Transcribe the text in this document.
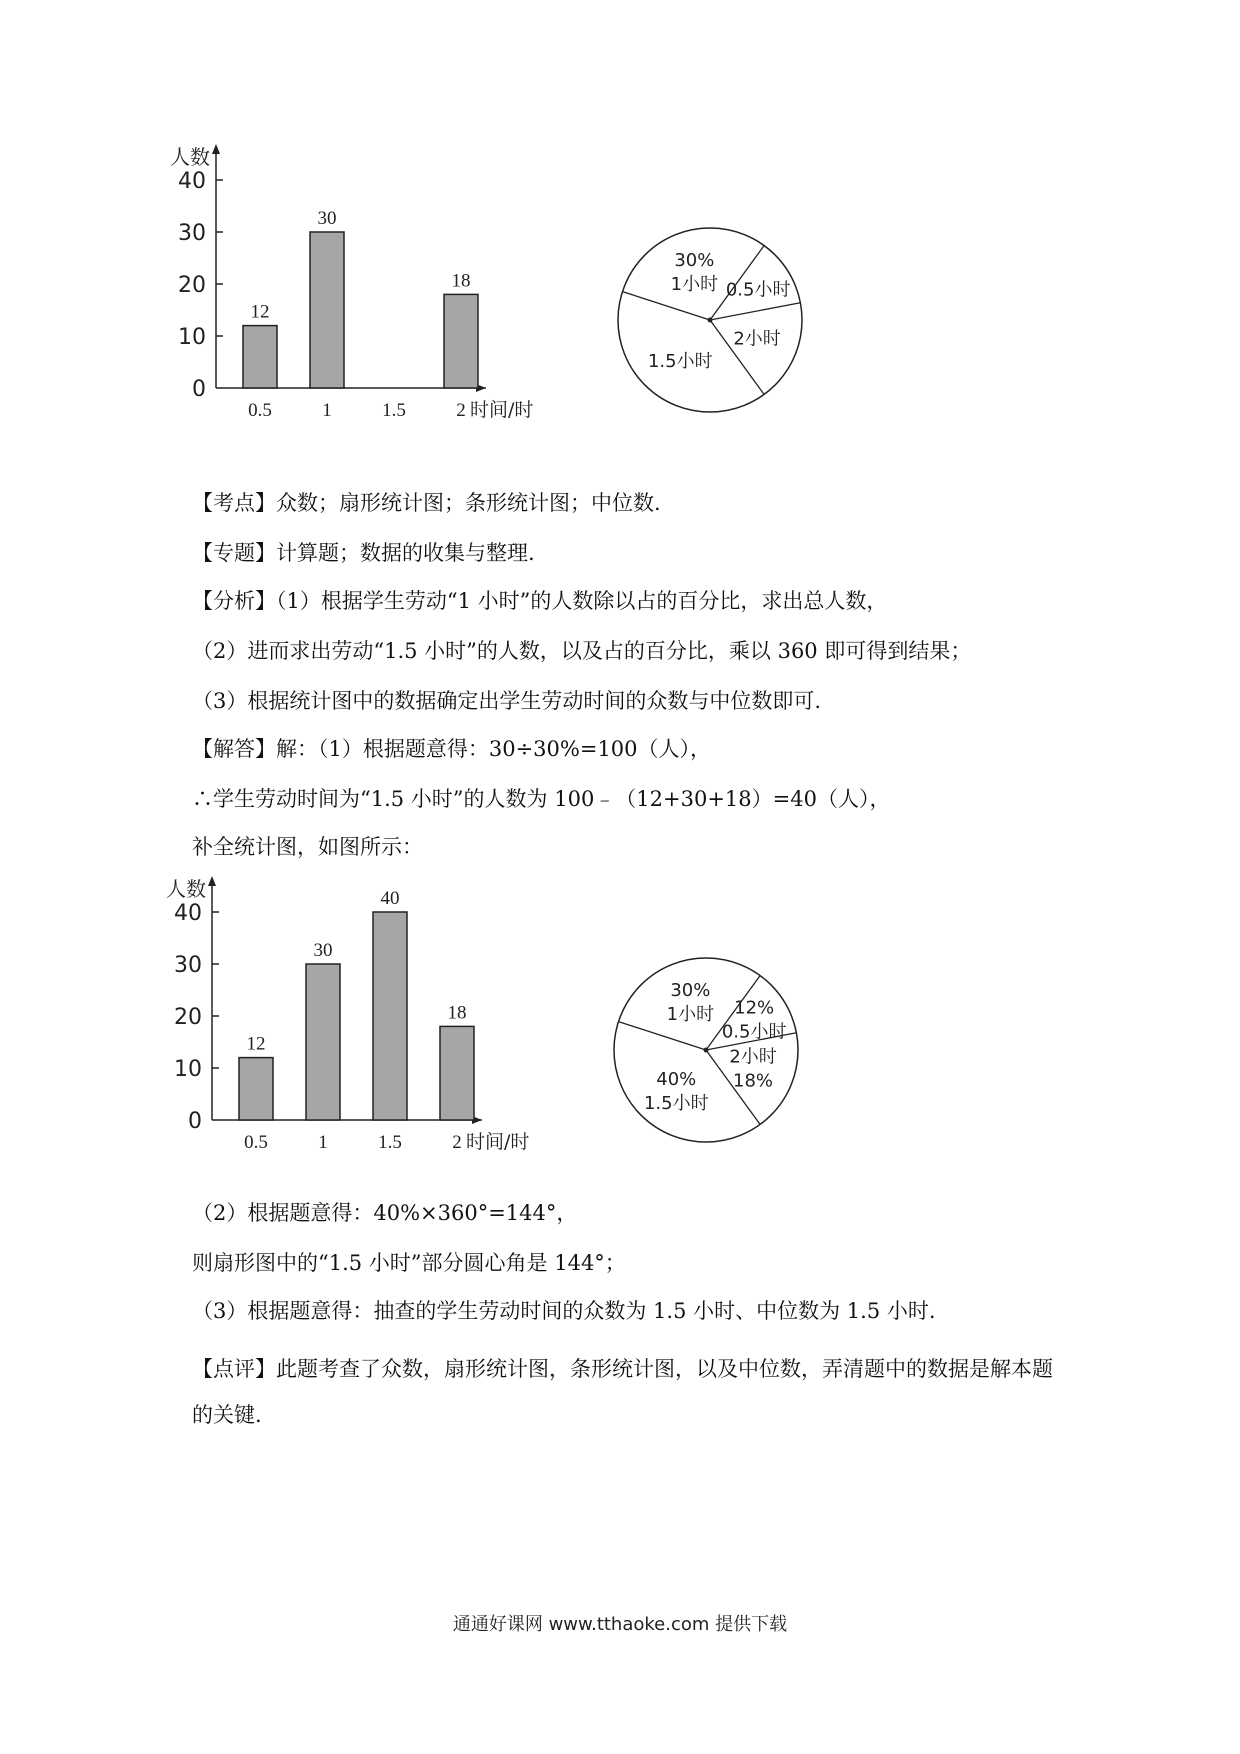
人数
0
10
20
30
40
12
0.5
30
1	1.5
18
2 时间/时
30%
1小时 0.5小时
2小时
1.5小时
【考点】众数；扇形统计图；条形统计图；中位数.
【专题】计算题；数据的收集与整理.
【分析】（1）根据学生劳动“1 小时”的人数除以占的百分比，求出总人数，
（2）进而求出劳动“1.5 小时”的人数，以及占的百分比，乘以 360 即可得到结果；
（3）根据统计图中的数据确定出学生劳动时间的众数与中位数即可.
【解答】解：（1）根据题意得：30÷30%=100（人），
∴学生劳动时间为“1.5 小时”的人数为 100﹣（12+30+18）=40（人），
补全统计图，如图所示：
人数
0
10
20
30
40
12
0.5
30
1
40
1.5
18
2 时间/时
30%
1小时 12%
0.5小时
2小时
18%
40%
1.5小时
（2）根据题意得：40%×360°=144°，
则扇形图中的“1.5 小时”部分圆心角是 144°；
（3）根据题意得：抽查的学生劳动时间的众数为 1.5 小时、中位数为 1.5 小时.
【点评】此题考查了众数，扇形统计图，条形统计图，以及中位数，弄清题中的数据是解本题的关键.
通通好课网 www.tthaoke.com 提供下载
